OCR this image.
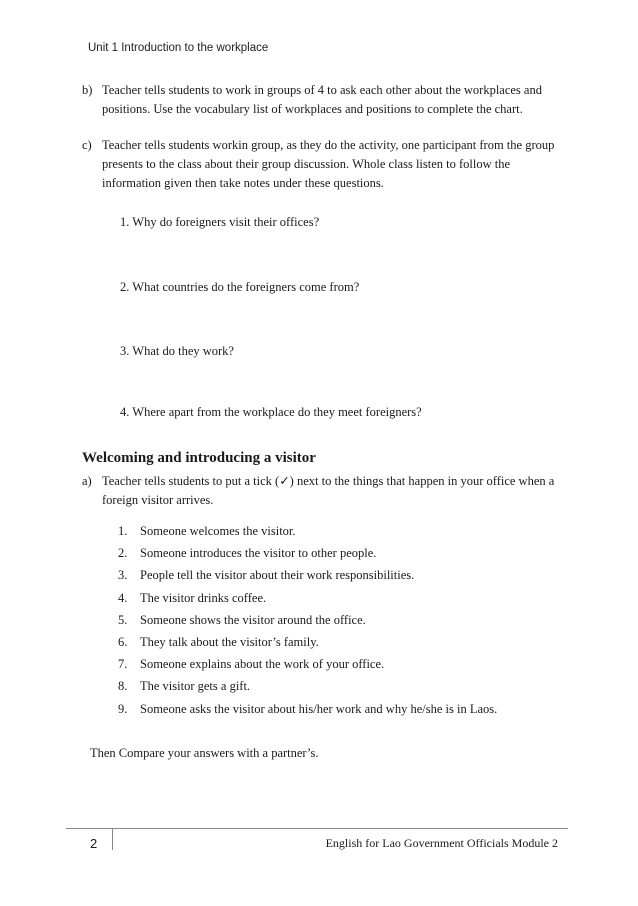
Unit 1 Introduction to the workplace
b) Teacher tells students to work in groups of 4 to ask each other about the workplaces and positions. Use the vocabulary list of workplaces and positions to complete the chart.
c) Teacher tells students workin group, as they do the activity, one participant from the group presents to the class about their group discussion. Whole class listen to follow the information given then take notes under these questions.
1. Why do foreigners visit their offices?
2. What countries do the foreigners come from?
3. What do they work?
4. Where apart from the workplace do they meet foreigners?
Welcoming and introducing a visitor
a) Teacher tells students to put a tick (✓) next to the things that happen in your office when a foreign visitor arrives.
1.	Someone welcomes the visitor.
2.	Someone introduces the visitor to other people.
3.	People tell the visitor about their work responsibilities.
4.	The visitor drinks coffee.
5.	Someone shows the visitor around the office.
6.	They talk about the visitor’s family.
7.	Someone explains about the work of your office.
8.	The visitor gets a gift.
9.	Someone asks the visitor about his/her work and why he/she is in Laos.
Then Compare your answers with a partner’s.
2	English for Lao Government Officials Module 2
